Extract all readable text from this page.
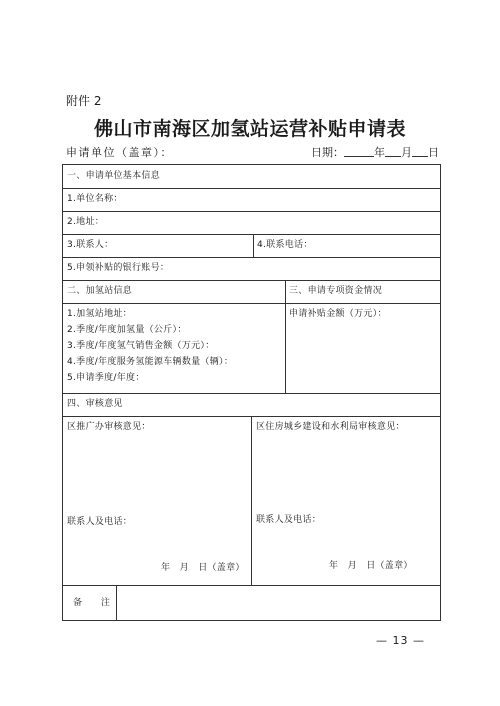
附件 2
佛山市南海区加氢站运营补贴申请表
申请单位（盖章）：	日期：	年 月 日
一、申请单位基本信息
1.单位名称：
2.地址：
3.联系人：	4.联系电话：
5.申领补贴的银行账号：
二、加氢站信息	三、申请专项资金情况
1.加氢站地址：
2.季度/年度加氢量（公斤）：
3.季度/年度氢气销售金额（万元）：
4.季度/年度服务氢能源车辆数量（辆）：
5.申请季度/年度：
申请补贴金额（万元）：
四、审核意见
区推广办审核意见：
联系人及电话：
年　月　日（盖章）
区住房城乡建设和水利局审核意见：
联系人及电话：
年　月　日（盖章）
备　　注
— 13 —
